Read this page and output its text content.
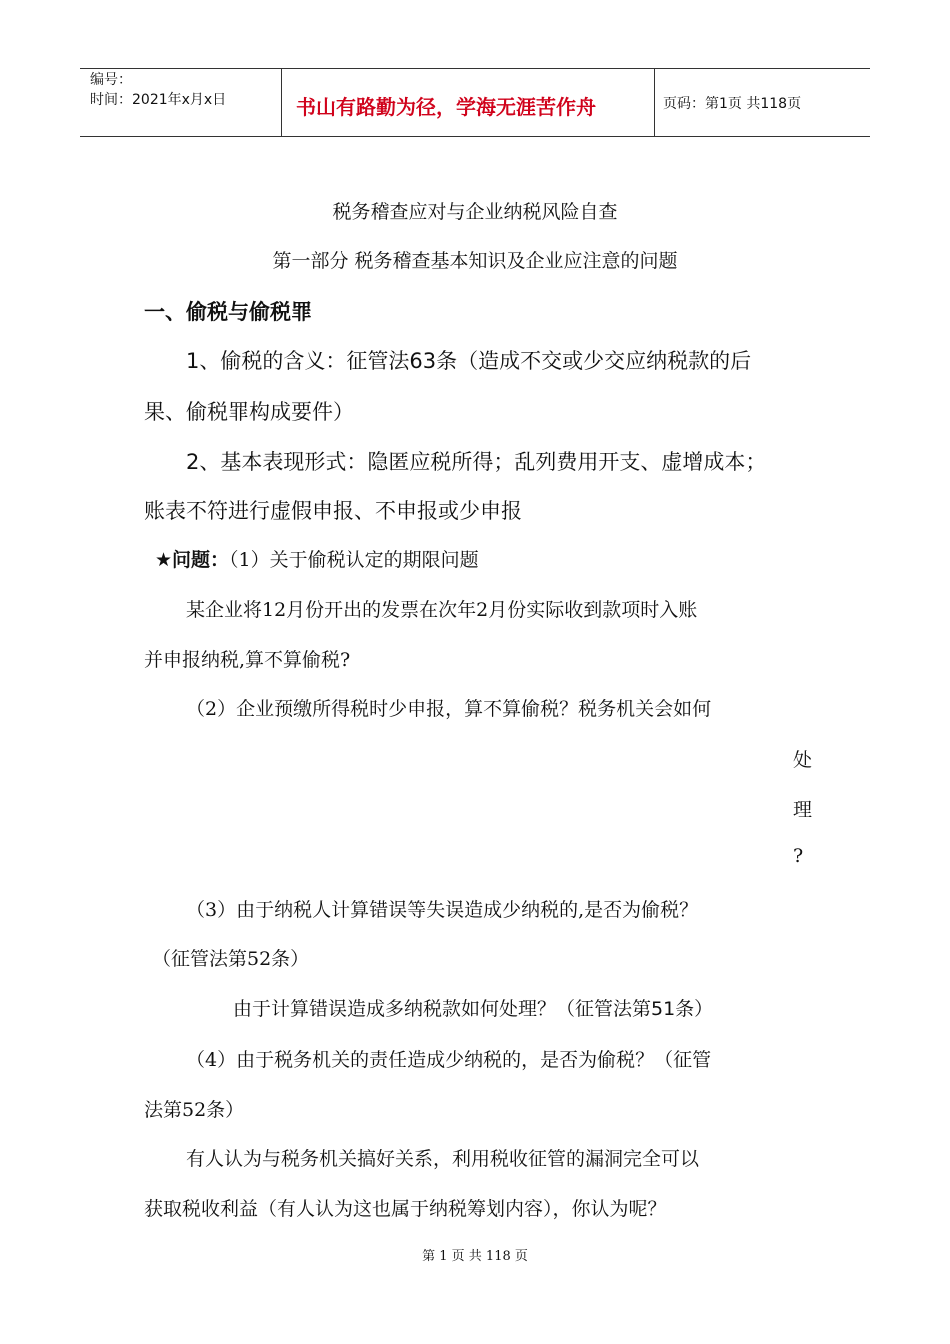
编号：
时间：2021年x月x日	书山有路勤为径，学海无涯苦作舟	页码：第1页 共118页
税务稽查应对与企业纳税风险自查
第一部分 税务稽查基本知识及企业应注意的问题
一、偷税与偷税罪
1、偷税的含义：征管法63条（造成不交或少交应纳税款的后
果、偷税罪构成要件）
2、基本表现形式：隐匿应税所得；乱列费用开支、虚增成本；
账表不符进行虚假申报、不申报或少申报
★问题：（1）关于偷税认定的期限问题
某企业将12月份开出的发票在次年2月份实际收到款项时入账
并申报纳税,算不算偷税?
（2）企业预缴所得税时少申报，算不算偷税？税务机关会如何
处
理
?
（3）由于纳税人计算错误等失误造成少纳税的,是否为偷税？
（征管法第52条）
由于计算错误造成多纳税款如何处理？（征管法第51条）
（4）由于税务机关的责任造成少纳税的，是否为偷税？（征管
法第52条）
有人认为与税务机关搞好关系，利用税收征管的漏洞完全可以
获取税收利益（有人认为这也属于纳税筹划内容），你认为呢？
第 1 页 共 118 页
